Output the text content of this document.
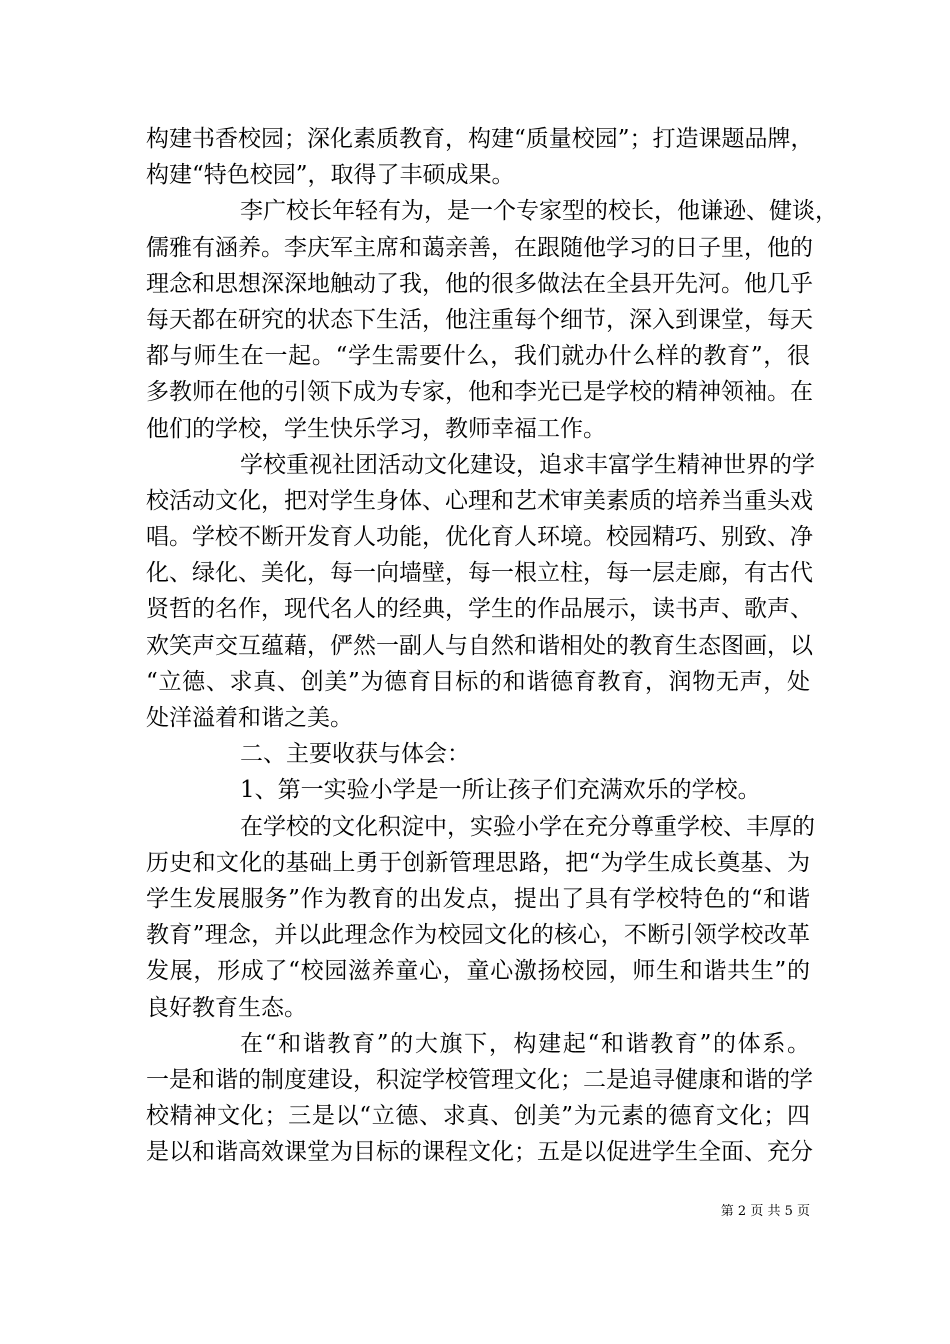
构建书香校园；深化素质教育，构建“质量校园”；打造课题品牌，
构建“特色校园”，取得了丰硕成果。
李广校长年轻有为，是一个专家型的校长，他谦逊、健谈，
儒雅有涵养。李庆军主席和蔼亲善，在跟随他学习的日子里，他的
理念和思想深深地触动了我，他的很多做法在全县开先河。他几乎
每天都在研究的状态下生活，他注重每个细节，深入到课堂，每天
都与师生在一起。“学生需要什么，我们就办什么样的教育”，很
多教师在他的引领下成为专家，他和李光已是学校的精神领袖。在
他们的学校，学生快乐学习，教师幸福工作。
学校重视社团活动文化建设，追求丰富学生精神世界的学
校活动文化，把对学生身体、心理和艺术审美素质的培养当重头戏
唱。学校不断开发育人功能，优化育人环境。校园精巧、别致、净
化、绿化、美化，每一向墙壁，每一根立柱，每一层走廊，有古代
贤哲的名作，现代名人的经典，学生的作品展示，读书声、歌声、
欢笑声交互蕴藉，俨然一副人与自然和谐相处的教育生态图画，以
“立德、求真、创美”为德育目标的和谐德育教育，润物无声，处
处洋溢着和谐之美。
二、主要收获与体会：
1、第一实验小学是一所让孩子们充满欢乐的学校。
在学校的文化积淀中，实验小学在充分尊重学校、丰厚的
历史和文化的基础上勇于创新管理思路，把“为学生成长奠基、为
学生发展服务”作为教育的出发点，提出了具有学校特色的“和谐
教育”理念，并以此理念作为校园文化的核心，不断引领学校改革
发展，形成了“校园滋养童心，童心激扬校园，师生和谐共生”的
良好教育生态。
在“和谐教育”的大旗下，构建起“和谐教育”的体系。
一是和谐的制度建设，积淀学校管理文化；二是追寻健康和谐的学
校精神文化；三是以“立德、求真、创美”为元素的德育文化；四
是以和谐高效课堂为目标的课程文化；五是以促进学生全面、充分
第 2 页 共 5 页
